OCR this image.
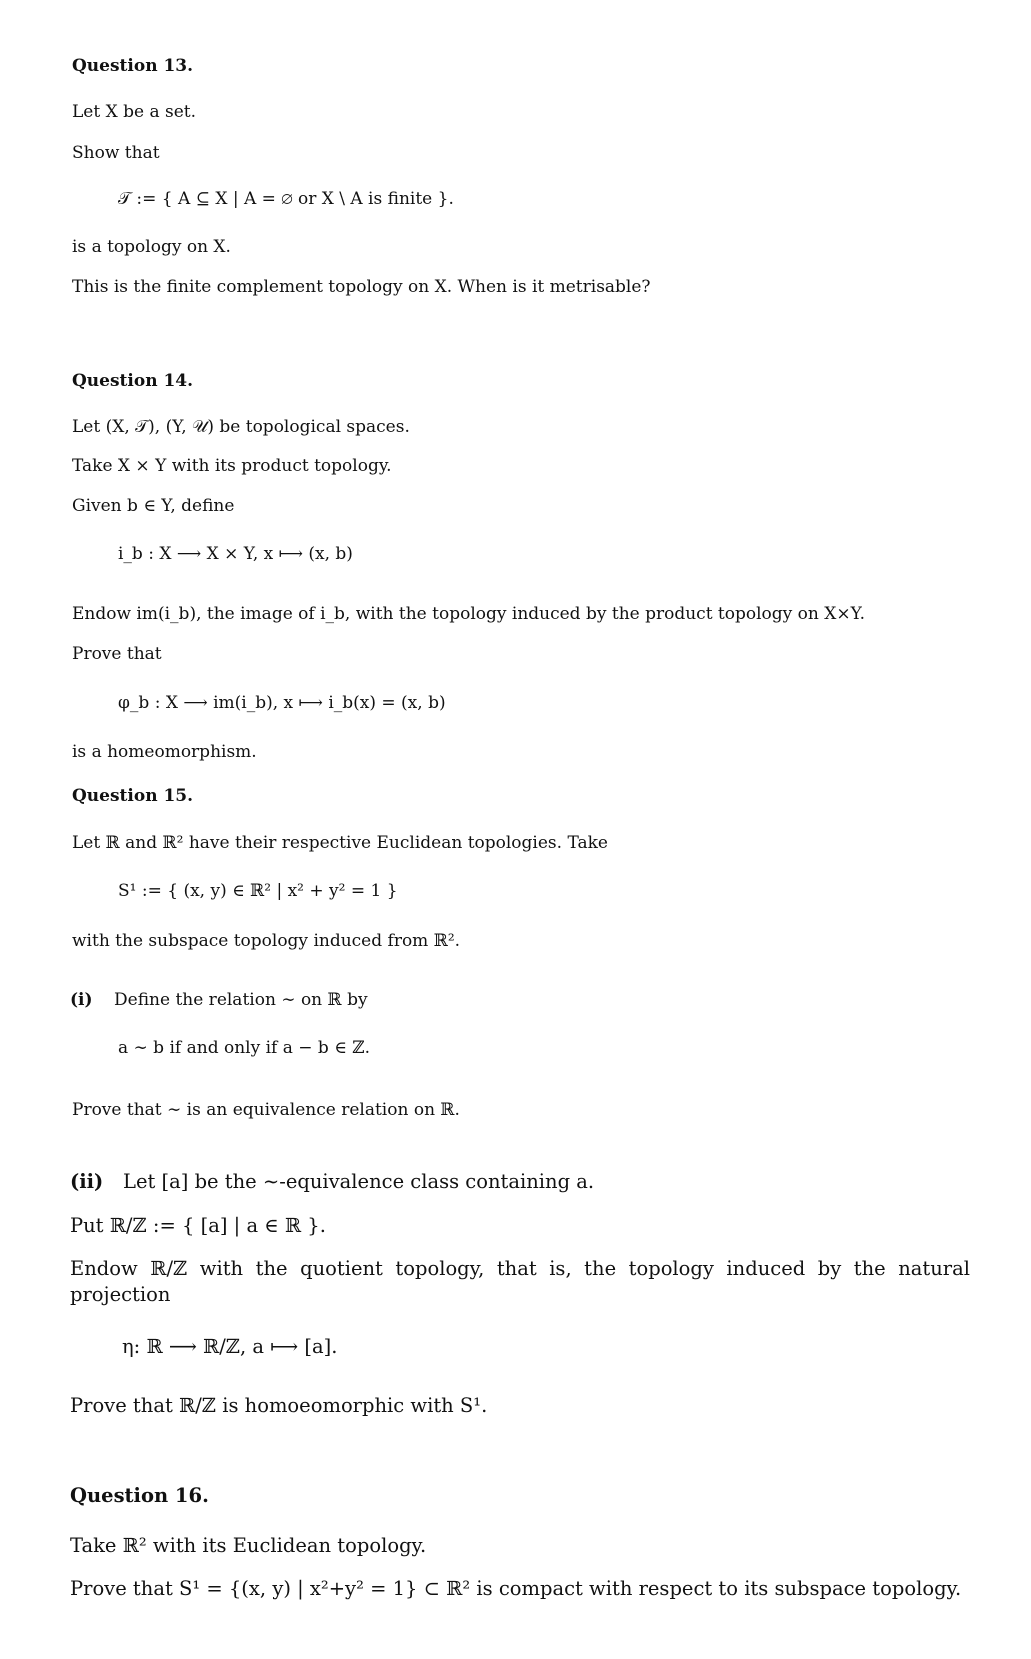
Question 13.
Let X be a set.
Show that
𝒯 := { A ⊆ X | A = ∅ or X \ A is finite }.
is a topology on X.
This is the finite complement topology on X. When is it metrisable?
Question 14.
Let (X, 𝒯), (Y, 𝒰) be topological spaces.
Take X × Y with its product topology.
Given b ∈ Y, define
i_b : X ⟶ X × Y, x ⟼ (x, b)
Endow im(i_b), the image of i_b, with the topology induced by the product topology on X×Y.
Prove that
φ_b : X ⟶ im(i_b), x ⟼ i_b(x) = (x, b)
is a homeomorphism.
Question 15.
Let ℝ and ℝ² have their respective Euclidean topologies. Take
S¹ := { (x, y) ∈ ℝ² | x² + y² = 1 }
with the subspace topology induced from ℝ².
(i) Define the relation ∼ on ℝ by
a ∼ b if and only if a − b ∈ ℤ.
Prove that ∼ is an equivalence relation on ℝ.
(ii) Let [a] be the ∼-equivalence class containing a.
Put ℝ/ℤ := { [a] | a ∈ ℝ }.
Endow ℝ/ℤ with the quotient topology, that is, the topology induced by the natural projection
η: ℝ ⟶ ℝ/ℤ, a ⟼ [a].
Prove that ℝ/ℤ is homoeomorphic with S¹.
Question 16.
Take ℝ² with its Euclidean topology.
Prove that S¹ = {(x, y) | x²+y² = 1} ⊂ ℝ² is compact with respect to its subspace topology.
